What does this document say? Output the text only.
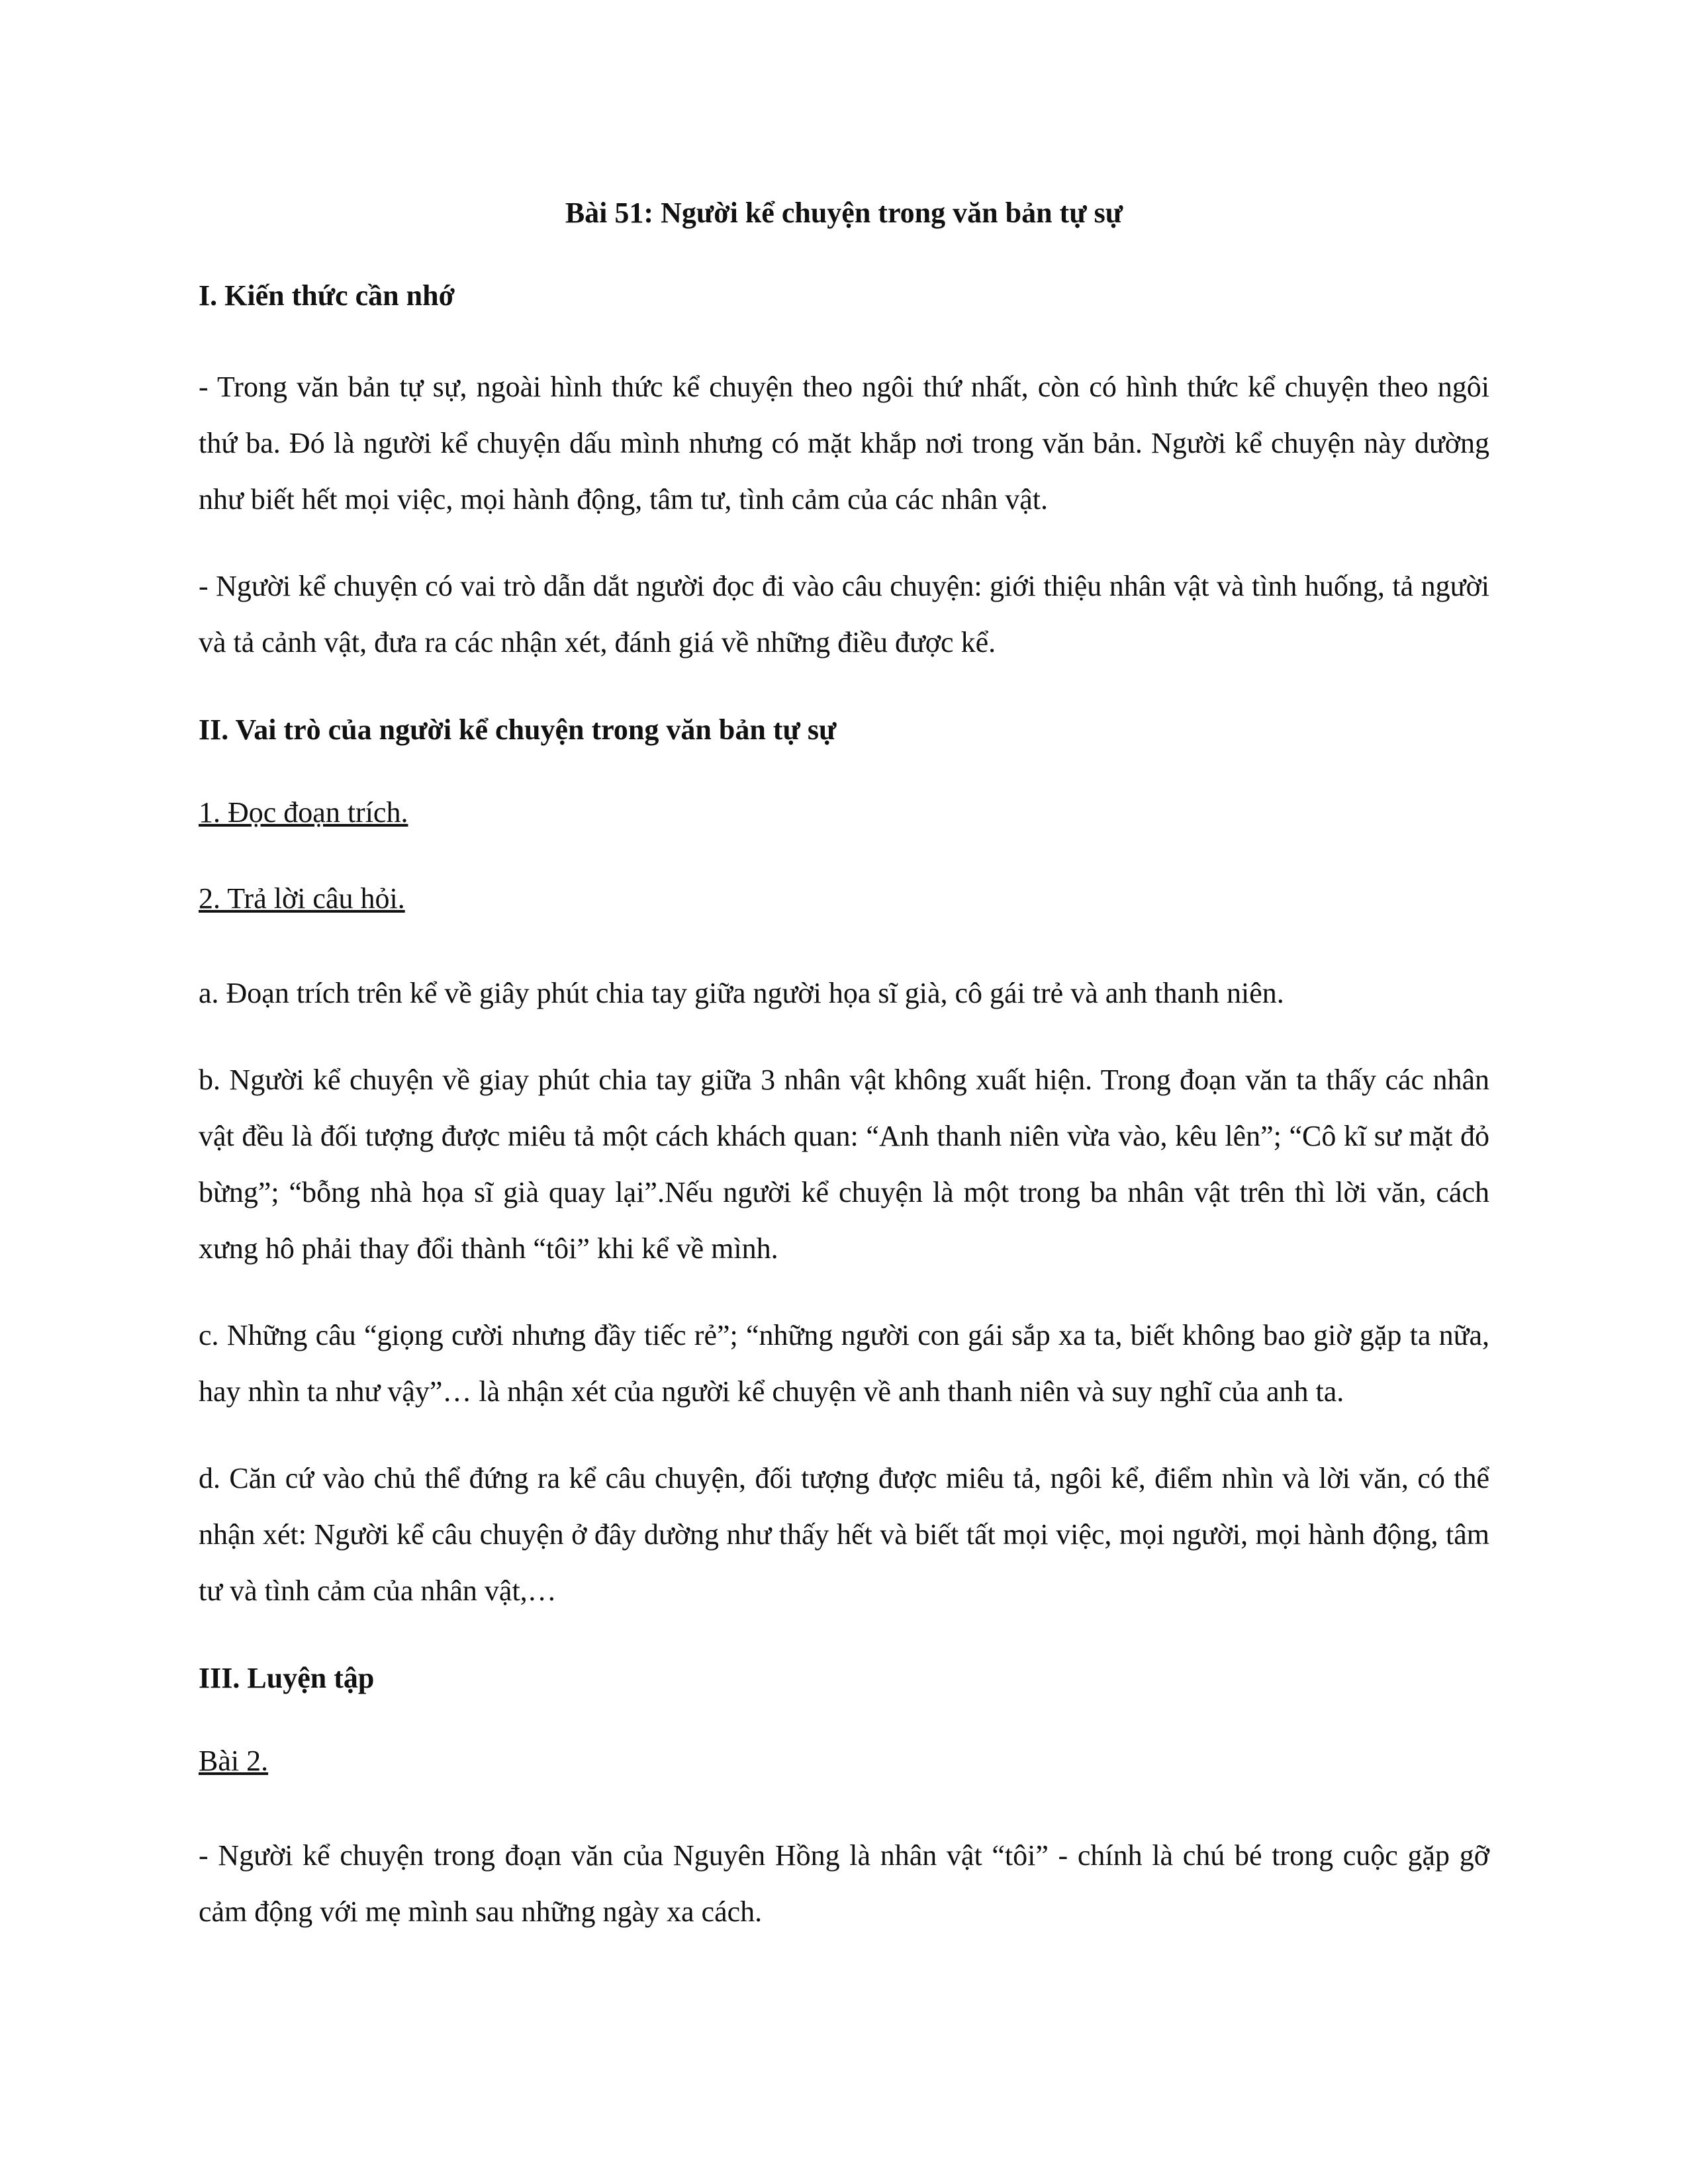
Bài 51: Người kể chuyện trong văn bản tự sự
I. Kiến thức cần nhớ

- Trong văn bản tự sự, ngoài hình thức kể chuyện theo ngôi thứ nhất, còn có hình thức kể chuyện theo ngôi thứ ba. Đó là người kể chuyện dấu mình nhưng có mặt khắp nơi trong văn bản. Người kể chuyện này dường như biết hết mọi việc, mọi hành động, tâm tư, tình cảm của các nhân vật.

- Người kể chuyện có vai trò dẫn dắt người đọc đi vào câu chuyện: giới thiệu nhân vật và tình huống, tả người và tả cảnh vật, đưa ra các nhận xét, đánh giá về những điều được kể.

II. Vai trò của người kể chuyện trong văn bản tự sự

1. Đọc đoạn trích.

2. Trả lời câu hỏi.

a. Đoạn trích trên kể về giây phút chia tay giữa người họa sĩ già, cô gái trẻ và anh thanh niên.

b. Người kể chuyện về giay phút chia tay giữa 3 nhân vật không xuất hiện. Trong đoạn văn ta thấy các nhân vật đều là đối tượng được miêu tả một cách khách quan: “Anh thanh niên vừa vào, kêu lên”; “Cô kĩ sư mặt đỏ bừng”; “bỗng nhà họa sĩ già quay lại”.Nếu người kể chuyện là một trong ba nhân vật trên thì lời văn, cách xưng hô phải thay đổi thành “tôi” khi kể về mình.

c. Những câu “giọng cười nhưng đầy tiếc rẻ”; “những người con gái sắp xa ta, biết không bao giờ gặp ta nữa, hay nhìn ta như vậy”… là nhận xét của người kể chuyện về anh thanh niên và suy nghĩ của anh ta.

d. Căn cứ vào chủ thể đứng ra kể câu chuyện, đối tượng được miêu tả, ngôi kể, điểm nhìn và lời văn, có thể nhận xét: Người kể câu chuyện ở đây dường như thấy hết và biết tất mọi việc, mọi người, mọi hành động, tâm tư và tình cảm của nhân vật,…

III. Luyện tập

Bài 2.

- Người kể chuyện trong đoạn văn của Nguyên Hồng là nhân vật “tôi” - chính là chú bé trong cuộc gặp gỡ cảm động với mẹ mình sau những ngày xa cách.
